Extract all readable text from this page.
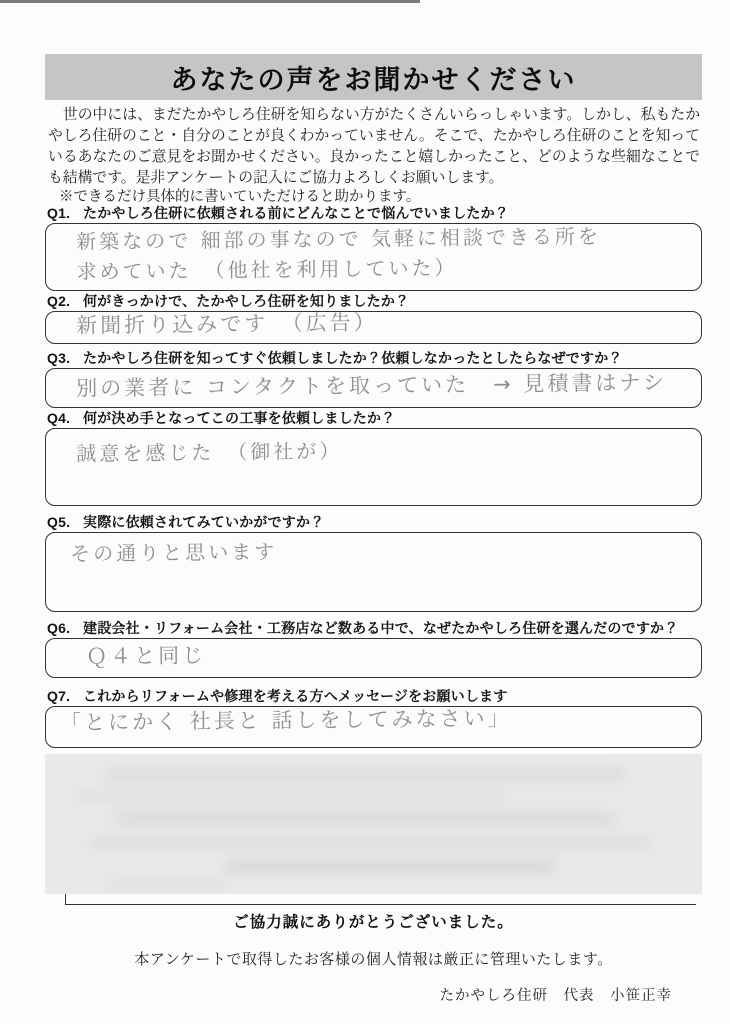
あなたの声をお聞かせください

　世の中には、まだたかやしろ住研を知らない方がたくさんいらっしゃいます。しかし、私もたかやしろ住研のこと・自分のことが良くわかっていません。そこで、たかやしろ住研のことを知っているあなたのご意見をお聞かせください。良かったこと嬉しかったこと、どのような些細なことでも結構です。是非アンケートの記入にご協力よろしくお願いします。

※できるだけ具体的に書いていただけると助かります。

Q1. たかやしろ住研に依頼される前にどんなことで悩んでいましたか？
新築なので 細部の事なので 気軽に相談できる所を
求めていた　（他社を利用していた）
Q2. 何がきっかけで、たかやしろ住研を知りましたか？
新聞折り込みです　（広告）
Q3. たかやしろ住研を知ってすぐ依頼しましたか？依頼しなかったとしたらなぜですか？
別の業者に コンタクトを取っていた　→ 見積書はナシ
Q4. 何が決め手となってこの工事を依頼しましたか？
誠意を感じた　（御社が）
Q5. 実際に依頼されてみていかがですか？
その通りと思います
Q6. 建設会社・リフォーム会社・工務店など数ある中で、なぜたかやしろ住研を選んだのですか？
Ｑ４と同じ
Q7. これからリフォームや修理を考える方へメッセージをお願いします
「とにかく 社長と 話しをしてみなさい」

ご協力誠にありがとうございました。

本アンケートで取得したお客様の個人情報は厳正に管理いたします。

たかやしろ住研　代表　小笹正幸
